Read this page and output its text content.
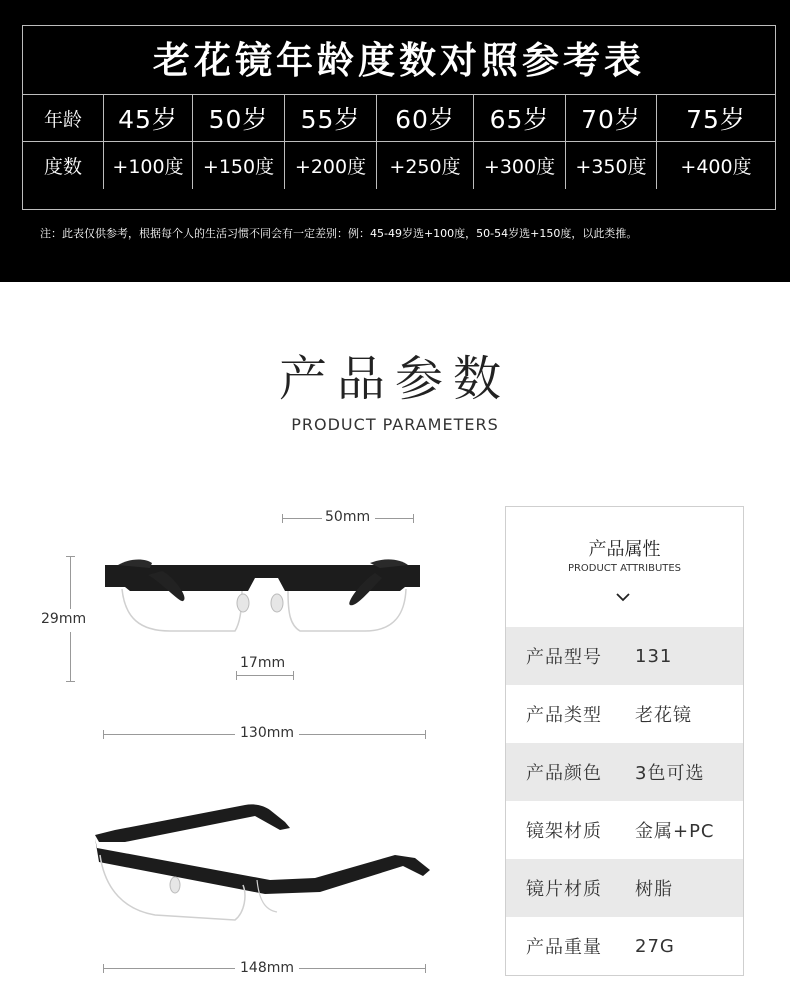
老花镜年龄度数对照参考表
年龄	45岁	50岁	55岁	60岁	65岁	70岁	75岁
度数	+100度	+150度	+200度	+250度	+300度	+350度	+400度
注：此表仅供参考，根据每个人的生活习惯不同会有一定差别：例：45-49岁选+100度，50-54岁选+150度，以此类推。
产品参数
PRODUCT PARAMETERS
50mm
29mm
17mm
130mm
148mm
产品属性
PRODUCT ATTRIBUTES
产品型号 131
产品类型 老花镜
产品颜色 3色可选
镜架材质 金属+PC
镜片材质 树脂
产品重量 27G
